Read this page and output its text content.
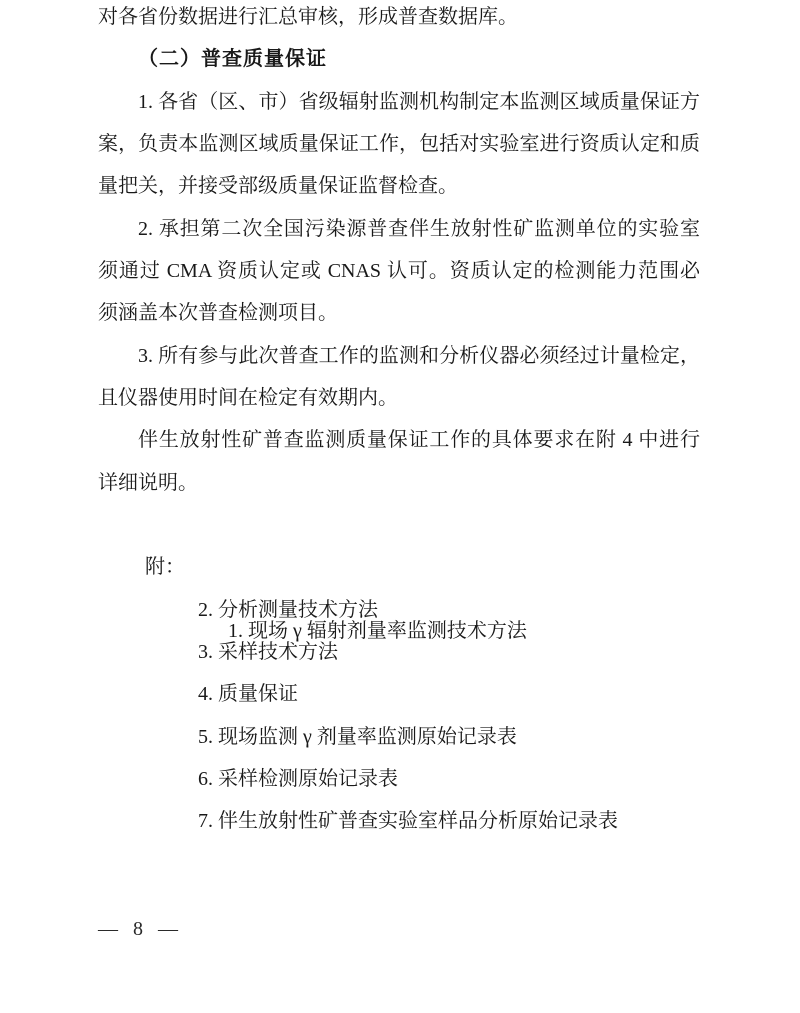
对各省份数据进行汇总审核，形成普查数据库。
（二）普查质量保证
1. 各省（区、市）省级辐射监测机构制定本监测区域质量保证方
案，负责本监测区域质量保证工作，包括对实验室进行资质认定和质
量把关，并接受部级质量保证监督检查。
2. 承担第二次全国污染源普查伴生放射性矿监测单位的实验室
须通过 CMA 资质认定或 CNAS 认可。资质认定的检测能力范围必
须涵盖本次普查检测项目。
3. 所有参与此次普查工作的监测和分析仪器必须经过计量检定，
且仪器使用时间在检定有效期内。
伴生放射性矿普查监测质量保证工作的具体要求在附 4 中进行
详细说明。

附：

1. 现场 γ 辐射剂量率监测技术方法

2. 分析测量技术方法
3. 采样技术方法
4. 质量保证
5. 现场监测 γ 剂量率监测原始记录表
6. 采样检测原始记录表
7. 伴生放射性矿普查实验室样品分析原始记录表
— 8 —
